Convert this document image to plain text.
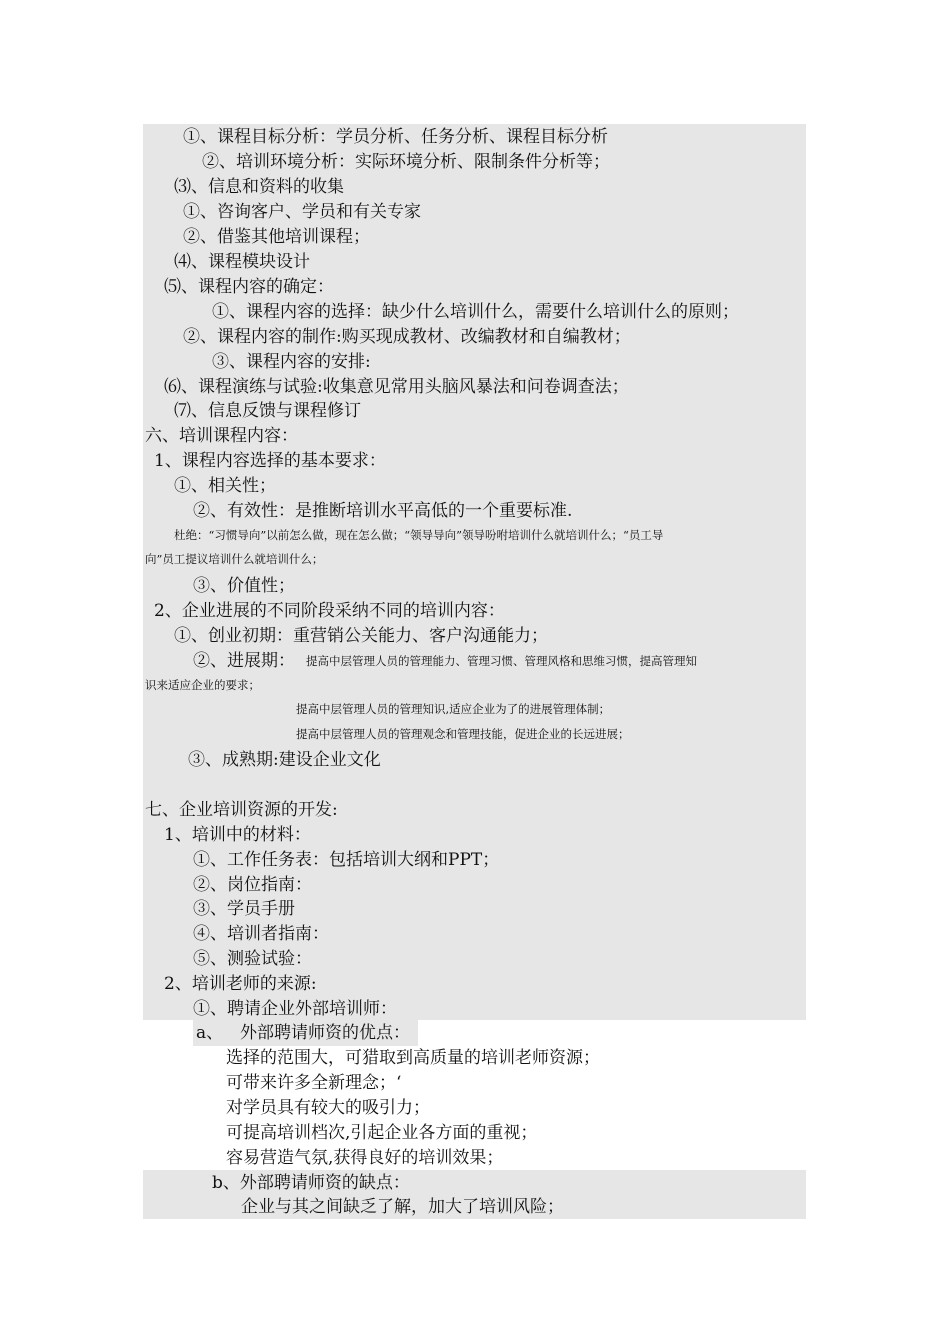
①、课程目标分析：学员分析、任务分析、课程目标分析
②、培训环境分析：实际环境分析、限制条件分析等；
⑶、信息和资料的收集
①、咨询客户、学员和有关专家
②、借鉴其他培训课程；
⑷、课程模块设计
⑸、课程内容的确定：
①、课程内容的选择：缺少什么培训什么，需要什么培训什么的原则；
②、课程内容的制作:购买现成教材、改编教材和自编教材；
③、课程内容的安排:
⑹、课程演练与试验:收集意见常用头脑风暴法和问卷调查法；
⑺、信息反馈与课程修订
六、培训课程内容：
1、课程内容选择的基本要求：
①、相关性；
②、有效性：是推断培训水平高低的一个重要标准.
杜绝：“习惯导向”以前怎么做，现在怎么做；“领导导向”领导吩咐培训什么就培训什么；“员工导
向”员工提议培训什么就培训什么；
③、价值性；
2、企业进展的不同阶段采纳不同的培训内容：
①、创业初期：重营销公关能力、客户沟通能力；
②、进展期： 提高中层管理人员的管理能力、管理习惯、管理风格和思维习惯，提高管理知
识来适应企业的要求；
提高中层管理人员的管理知识,适应企业为了的进展管理体制；
提高中层管理人员的管理观念和管理技能，促进企业的长远进展；
③、成熟期:建设企业文化
七、企业培训资源的开发:
1、培训中的材料：
①、工作任务表：包括培训大纲和PPT；
②、岗位指南：
③、学员手册
④、培训者指南：
⑤、测验试验：
2、培训老师的来源:
①、聘请企业外部培训师：
a、 外部聘请师资的优点：
选择的范围大，可猎取到高质量的培训老师资源；
可带来许多全新理念；‘
对学员具有较大的吸引力；
可提高培训档次,引起企业各方面的重视；
容易营造气氛,获得良好的培训效果；
b、外部聘请师资的缺点：
企业与其之间缺乏了解，加大了培训风险；
